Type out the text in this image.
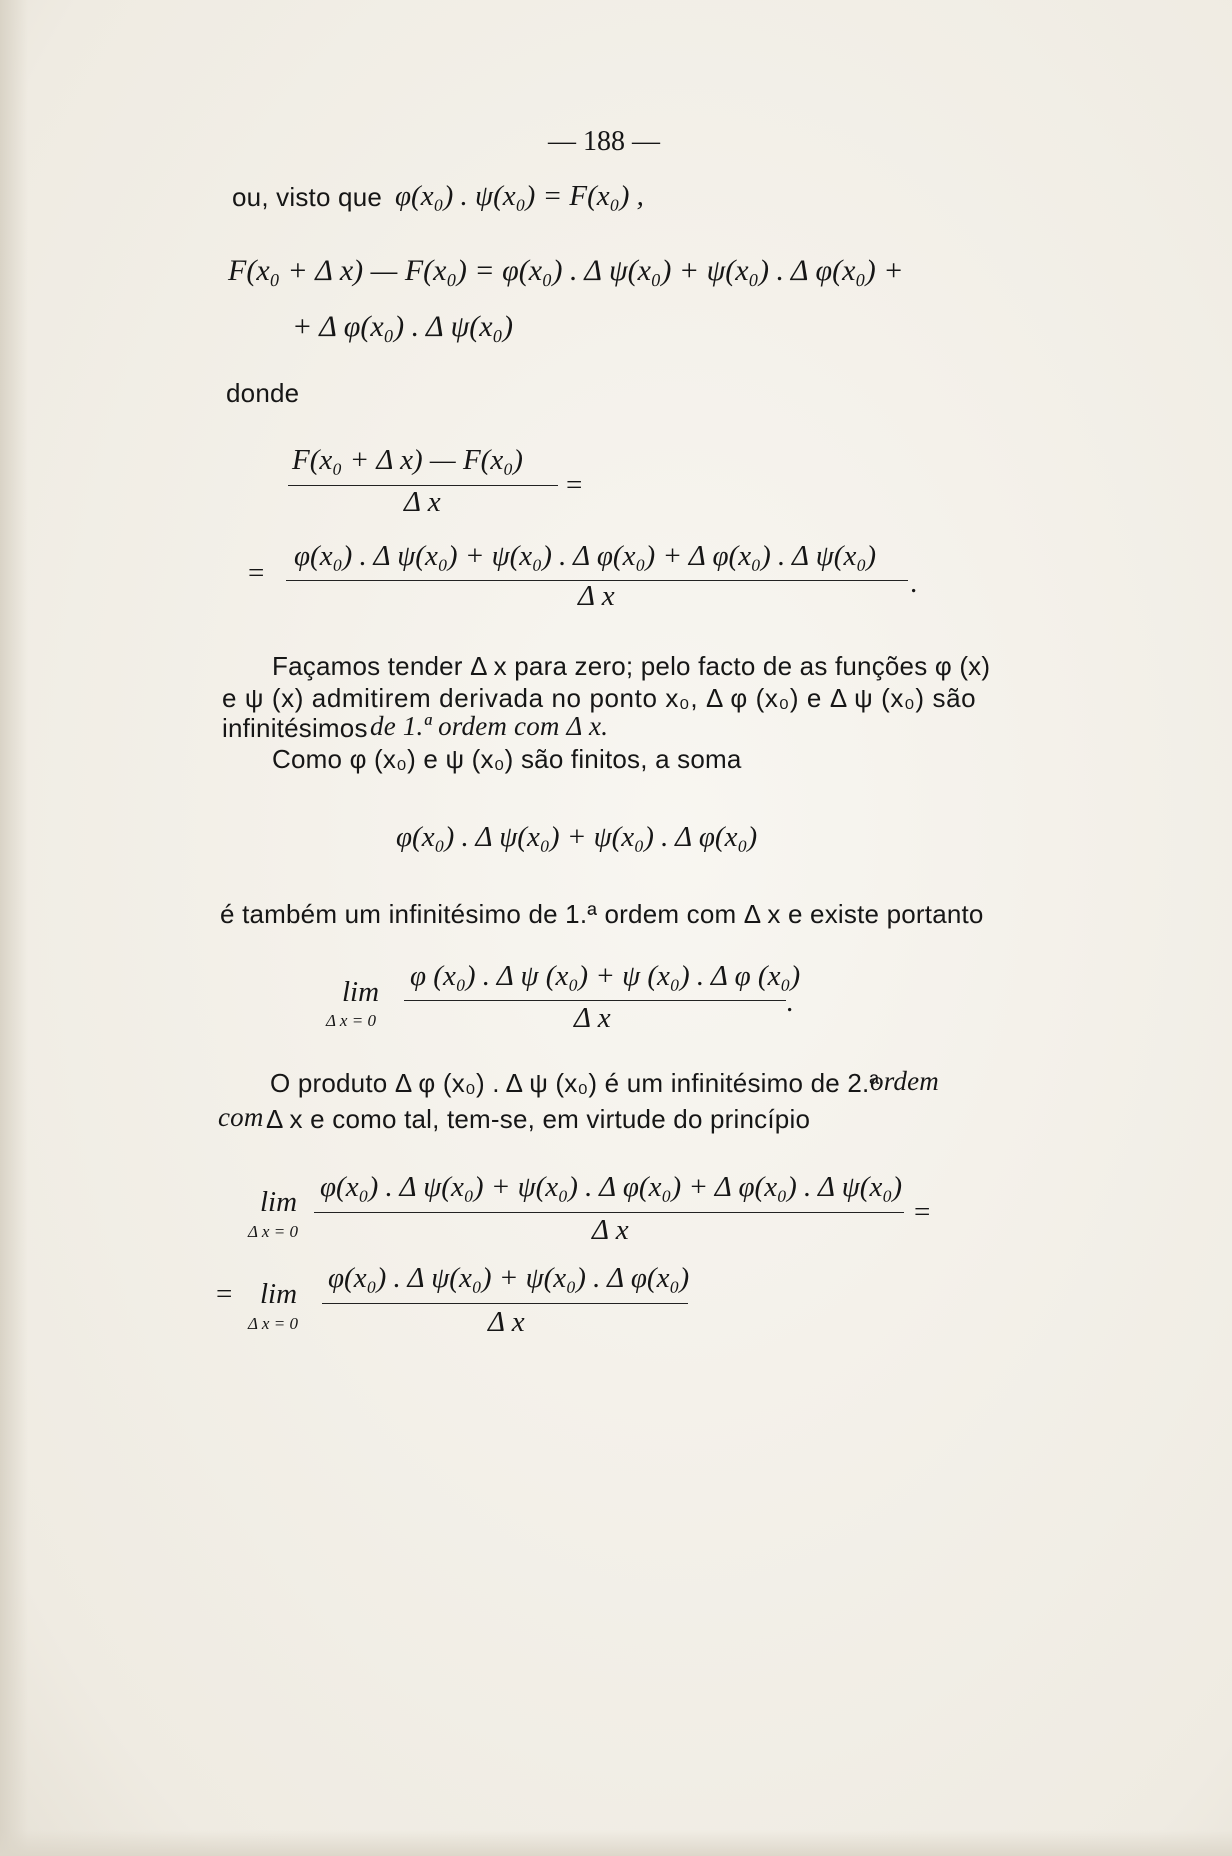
— 188 —
ou, visto que φ(x₀) . ψ(x₀) = F(x₀) ,
F(x₀ + Δ x) — F(x₀) = φ(x₀) . Δ ψ(x₀) + ψ(x₀) . Δ φ(x₀) +
+ Δ φ(x₀) . Δ ψ(x₀)
donde
F(x₀ + Δ x) — F(x₀)
Δ x
=
=
φ(x₀) . Δ ψ(x₀) + ψ(x₀) . Δ φ(x₀) + Δ φ(x₀) . Δ ψ(x₀)
Δ x	.
Façamos tender Δ x para zero; pelo facto de as funções φ (x)
e ψ (x) admitirem derivada no ponto x₀, Δ φ (x₀) e Δ ψ (x₀) são
infinitésimos de 1.ª ordem com Δ x.
Como φ (x₀) e ψ (x₀) são finitos, a soma
φ(x₀) . Δ ψ(x₀) + ψ(x₀) . Δ φ(x₀)
é também um infinitésimo de 1.ª ordem com Δ x e existe portanto
lim
Δ x = 0
φ (x₀) . Δ ψ (x₀) + ψ (x₀) . Δ φ (x₀)
Δ x	.
O produto Δ φ (x₀) . Δ ψ (x₀) é um infinitésimo de 2.ª
ordem
com Δ x e como tal, tem-se, em virtude do princípio
lim
Δ x = 0
φ(x₀) . Δ ψ(x₀) + ψ(x₀) . Δ φ(x₀) + Δ φ(x₀) . Δ ψ(x₀)
Δ x
=
= lim
Δ x = 0
φ(x₀) . Δ ψ(x₀) + ψ(x₀) . Δ φ(x₀)
Δ x
